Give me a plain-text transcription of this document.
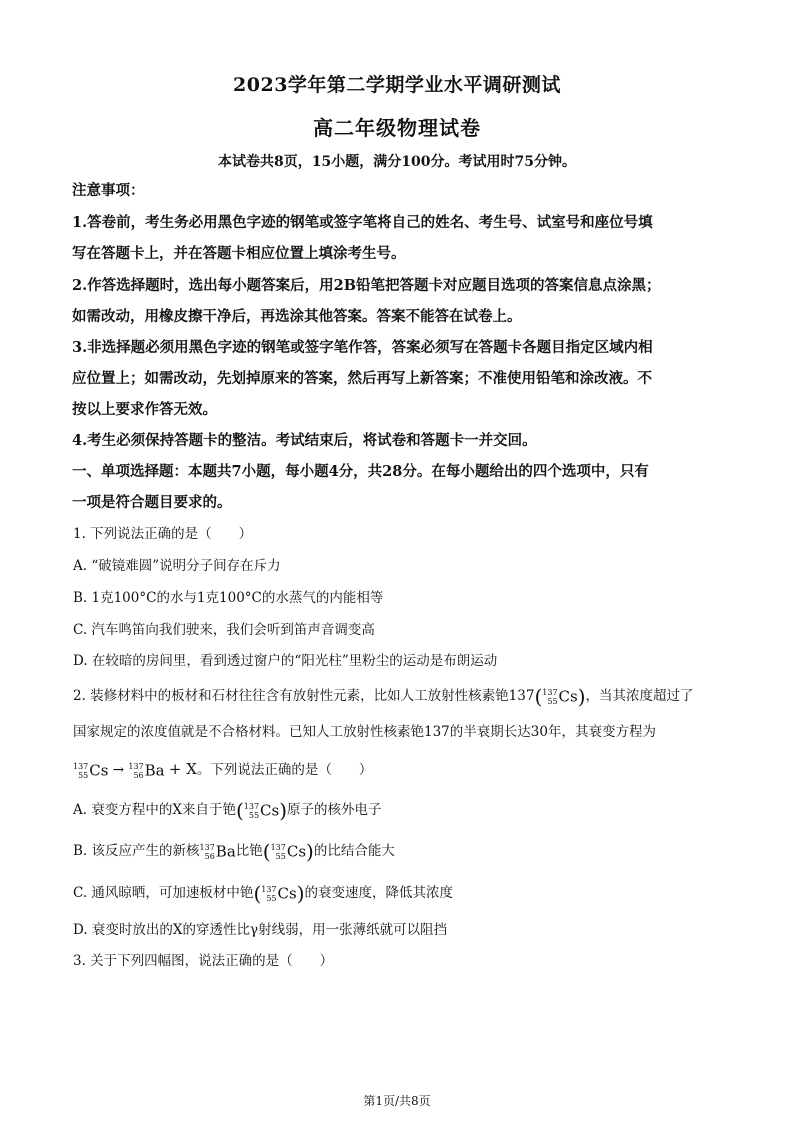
2023学年第二学期学业水平调研测试
高二年级物理试卷
本试卷共8页，15小题，满分100分。考试用时75分钟。
注意事项：
1.答卷前，考生务必用黑色字迹的钢笔或签字笔将自己的姓名、考生号、试室号和座位号填
写在答题卡上，并在答题卡相应位置上填涂考生号。
2.作答选择题时，选出每小题答案后，用2B铅笔把答题卡对应题目选项的答案信息点涂黑；
如需改动，用橡皮擦干净后，再选涂其他答案。答案不能答在试卷上。
3.非选择题必须用黑色字迹的钢笔或签字笔作答，答案必须写在答题卡各题目指定区域内相
应位置上；如需改动，先划掉原来的答案，然后再写上新答案；不准使用铅笔和涂改液。不
按以上要求作答无效。
4.考生必须保持答题卡的整洁。考试结束后，将试卷和答题卡一并交回。
一、单项选择题：本题共7小题，每小题4分，共28分。在每小题给出的四个选项中，只有
一项是符合题目要求的。
1. 下列说法正确的是（　　）
A. “破镜难圆”说明分子间存在斥力
B. 1克100°C的水与1克100°C的水蒸气的内能相等
C. 汽车鸣笛向我们驶来，我们会听到笛声音调变高
D. 在较暗的房间里，看到透过窗户的“阳光柱”里粉尘的运动是布朗运动
2. 装修材料中的板材和石材往往含有放射性元素，比如人工放射性核素铯137( 137
55 Cs)，当其浓度超过了
国家规定的浓度值就是不合格材料。已知人工放射性核素铯137的半衰期长达30年，其衰变方程为
137
55 Cs → 137
56 Ba + X。下列说法正确的是（　　）
A. 衰变方程中的X来自于铯( 137
55 Cs)原子的核外电子
B. 该反应产生的新核 137
56 Ba比铯( 137
55 Cs)的比结合能大
C. 通风晾晒，可加速板材中铯( 137
55 Cs)的衰变速度，降低其浓度
D. 衰变时放出的X的穿透性比γ射线弱，用一张薄纸就可以阻挡
3. 关于下列四幅图，说法正确的是（　　）
第1页/共8页
